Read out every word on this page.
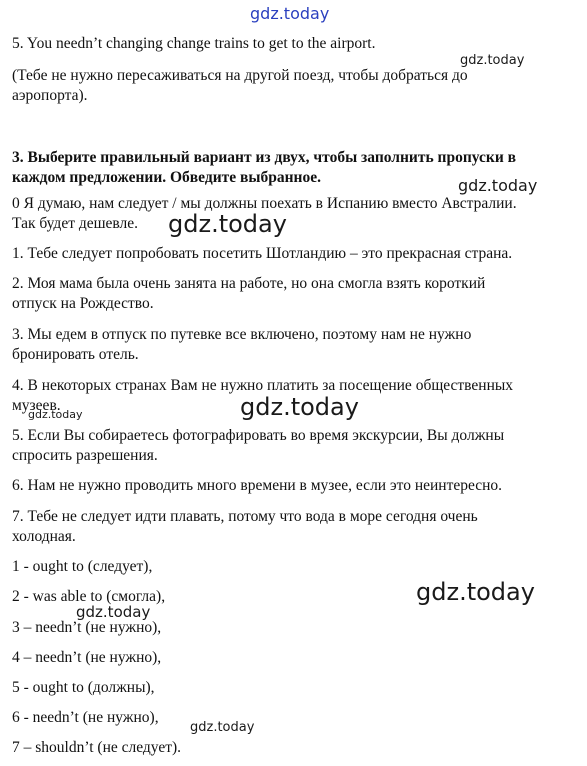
gdz.today
5. You needn’t changing change trains to get to the airport.
gdz.today
(Тебе не нужно пересаживаться на другой поезд, чтобы добраться до
аэропорта).
3. Выберите правильный вариант из двух, чтобы заполнить пропуски в
каждом предложении. Обведите выбранное.	gdz.today
0 Я думаю, нам следует / мы должны поехать в Испанию вместо Австралии.
Так будет дешевле. gdz.today
1. Тебе следует попробовать посетить Шотландию – это прекрасная страна.
2. Моя мама была очень занята на работе, но она смогла взять короткий
отпуск на Рождество.
3. Мы едем в отпуск по путевке все включено, поэтому нам не нужно
бронировать отель.
4. В некоторых странах Вам не нужно платить за посещение общественных
музеев.
gdz.today	gdz.today
5. Если Вы собираетесь фотографировать во время экскурсии, Вы должны
спросить разрешения.
6. Нам не нужно проводить много времени в музее, если это неинтересно.
7. Тебе не следует идти плавать, потому что вода в море сегодня очень
холодная.
1 - ought to (следует),
2 - was able to (смогла),	gdz.today
gdz.today
3 – needn’t (не нужно),
4 – needn’t (не нужно),
5 - ought to (должны),
6 - needn’t (не нужно),
gdz.today
7 – shouldn’t (не следует).
